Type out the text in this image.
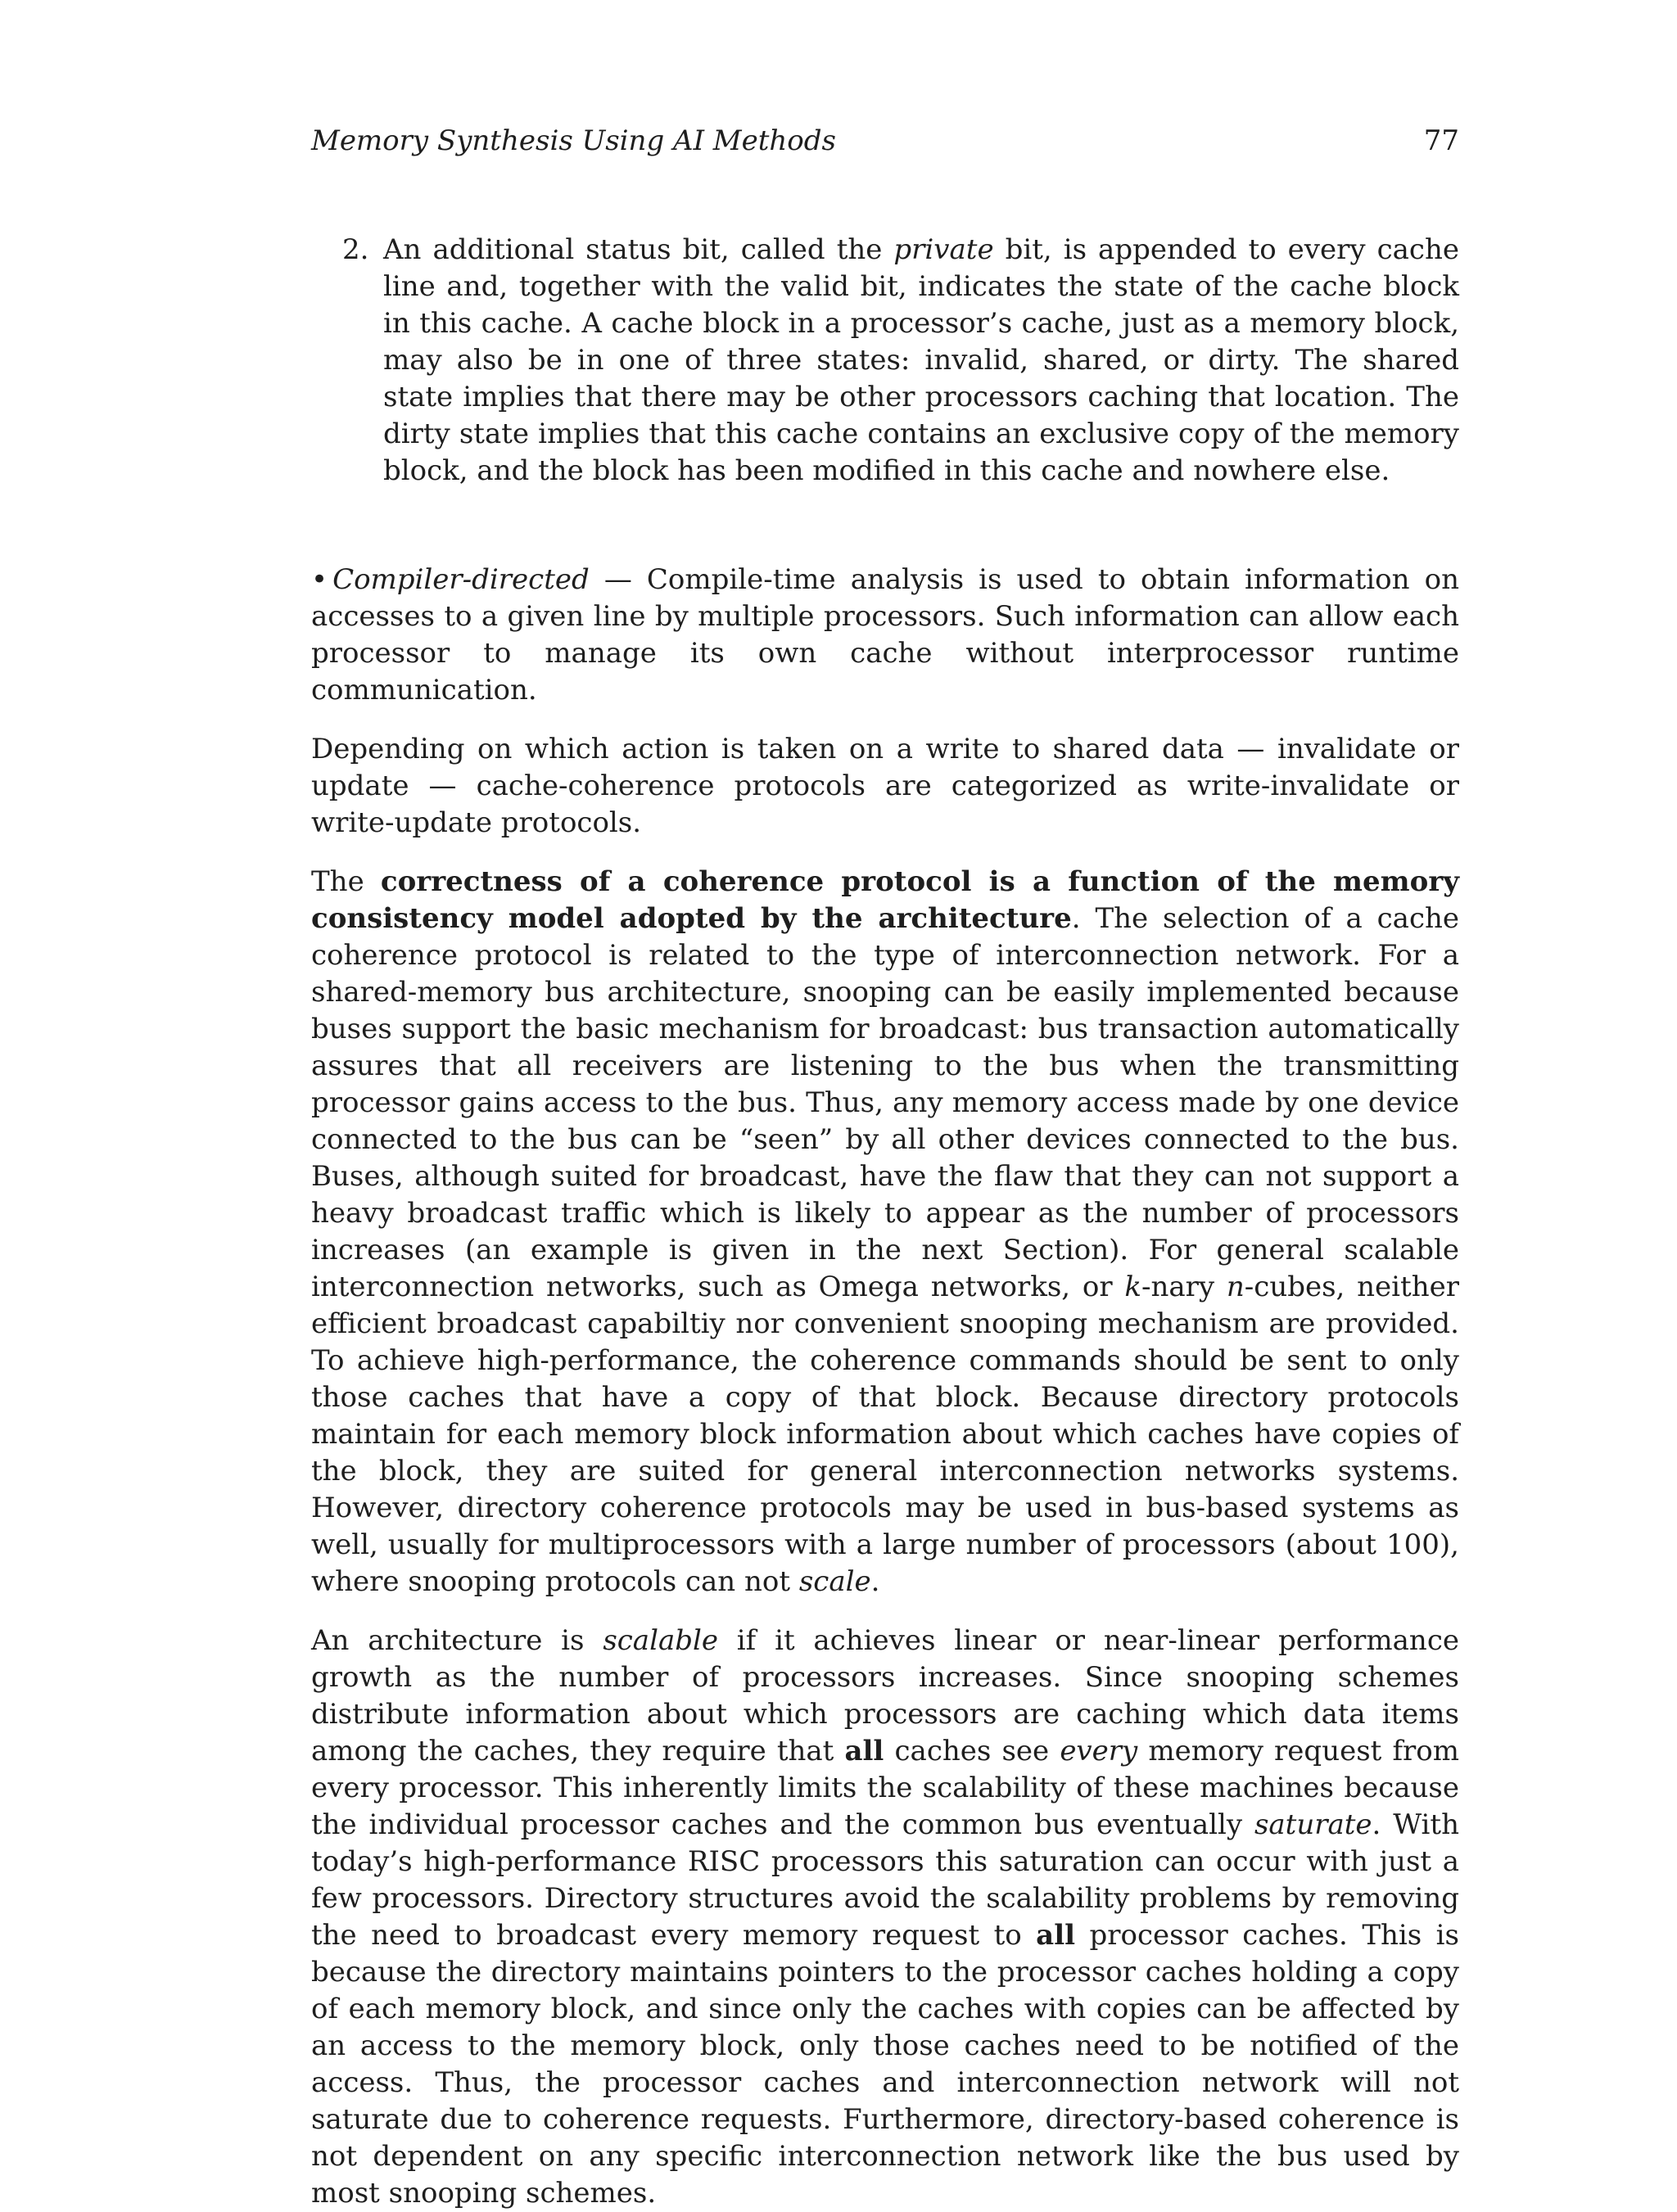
Memory Synthesis Using AI Methods	77
2. An additional status bit, called the private bit, is appended to every cache line and, together with the valid bit, indicates the state of the cache block in this cache. A cache block in a processor’s cache, just as a memory block, may also be in one of three states: invalid, shared, or dirty. The shared state implies that there may be other processors caching that location. The dirty state implies that this cache contains an exclusive copy of the memory block, and the block has been modified in this cache and nowhere else.

• Compiler-directed — Compile-time analysis is used to obtain information on accesses to a given line by multiple processors. Such information can allow each processor to manage its own cache without interprocessor runtime communication.

Depending on which action is taken on a write to shared data — invalidate or update — cache-coherence protocols are categorized as write-invalidate or write-update protocols.

The correctness of a coherence protocol is a function of the memory consistency model adopted by the architecture. The selection of a cache coherence protocol is related to the type of interconnection network. For a shared-memory bus architecture, snooping can be easily implemented because buses support the basic mechanism for broadcast: bus transaction automatically assures that all receivers are listening to the bus when the transmitting processor gains access to the bus. Thus, any memory access made by one device connected to the bus can be “seen” by all other devices connected to the bus. Buses, although suited for broadcast, have the flaw that they can not support a heavy broadcast traffic which is likely to appear as the number of processors increases (an example is given in the next Section). For general scalable interconnection networks, such as Omega networks, or k-nary n-cubes, neither efficient broadcast capabiltiy nor convenient snooping mechanism are provided. To achieve high-performance, the coherence commands should be sent to only those caches that have a copy of that block. Because directory protocols maintain for each memory block information about which caches have copies of the block, they are suited for general interconnection networks systems. However, directory coherence protocols may be used in bus-based systems as well, usually for multiprocessors with a large number of processors (about 100), where snooping protocols can not scale.

An architecture is scalable if it achieves linear or near-linear performance growth as the number of processors increases. Since snooping schemes distribute information about which processors are caching which data items among the caches, they require that all caches see every memory request from every processor. This inherently limits the scalability of these machines because the individual processor caches and the common bus eventually saturate. With today’s high-performance RISC processors this saturation can occur with just a few processors. Directory structures avoid the scalability problems by removing the need to broadcast every memory request to all processor caches. This is because the directory maintains pointers to the processor caches holding a copy of each memory block, and since only the caches with copies can be affected by an access to the memory block, only those caches need to be notified of the access. Thus, the processor caches and interconnection network will not saturate due to coherence requests. Furthermore, directory-based coherence is not dependent on any specific interconnection network like the bus used by most snooping schemes.
